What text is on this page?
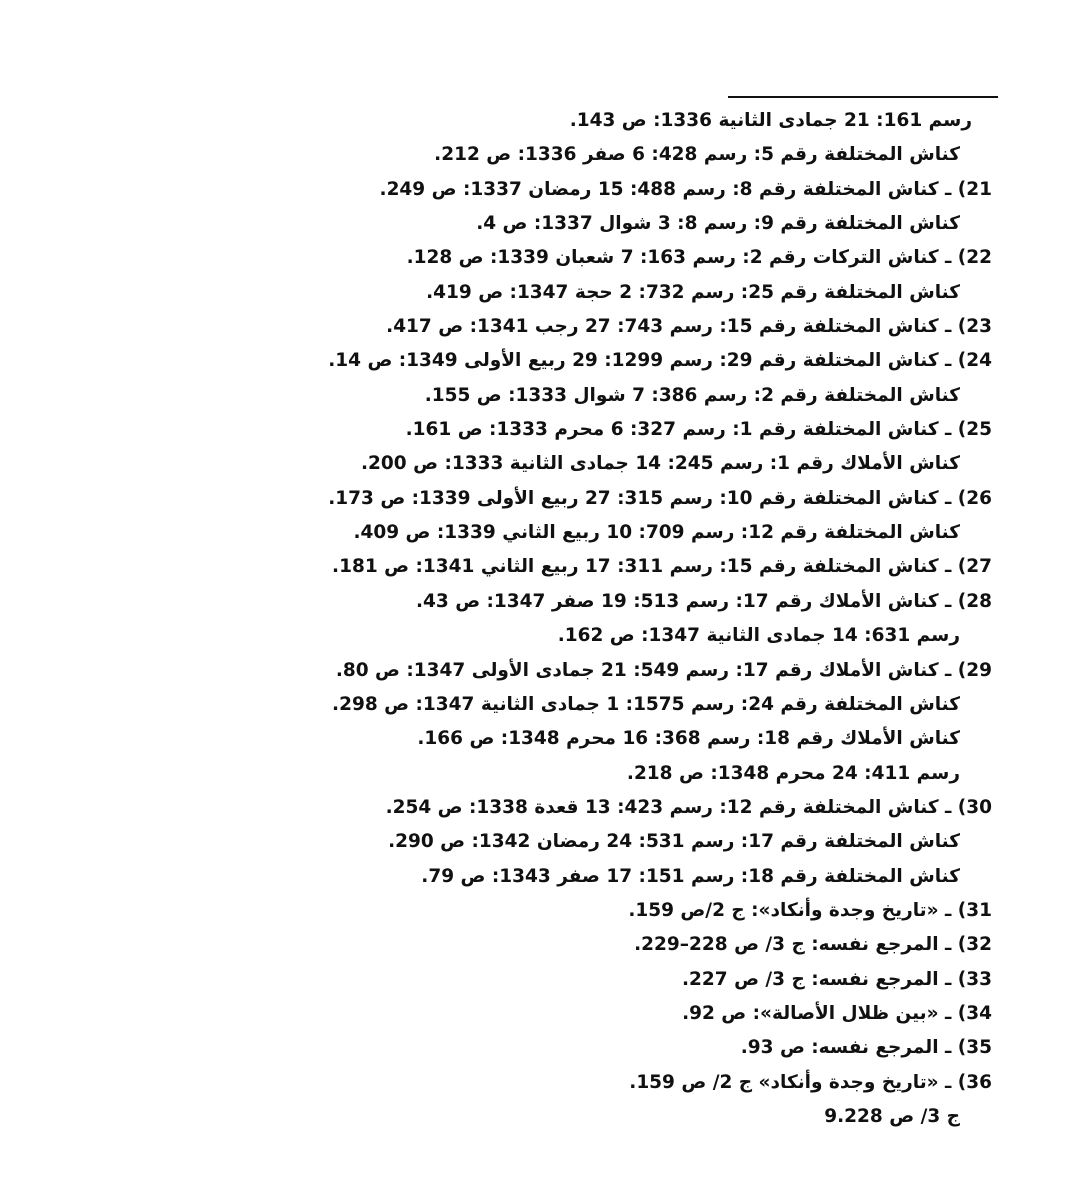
رسم 161: 21 جمادى الثانية 1336: ص 143.
كناش المختلفة رقم 5: رسم 428: 6 صفر 1336: ص 212.
21) ـ كناش المختلفة رقم 8: رسم 488: 15 رمضان 1337: ص 249.
كناش المختلفة رقم 9: رسم 8: 3 شوال 1337: ص 4.
22) ـ كناش التركات رقم 2: رسم 163: 7 شعبان 1339: ص 128.
كناش المختلفة رقم 25: رسم 732: 2 حجة 1347: ص 419.
23) ـ كناش المختلفة رقم 15: رسم 743: 27 رجب 1341: ص 417.
24) ـ كناش المختلفة رقم 29: رسم 1299: 29 ربيع الأولى 1349: ص 14.
كناش المختلفة رقم 2: رسم 386: 7 شوال 1333: ص 155.
25) ـ كناش المختلفة رقم 1: رسم 327: 6 محرم 1333: ص 161.
كناش الأملاك رقم 1: رسم 245: 14 جمادى الثانية 1333: ص 200.
26) ـ كناش المختلفة رقم 10: رسم 315: 27 ربيع الأولى 1339: ص 173.
كناش المختلفة رقم 12: رسم 709: 10 ربيع الثاني 1339: ص 409.
27) ـ كناش المختلفة رقم 15: رسم 311: 17 ربيع الثاني 1341: ص 181.
28) ـ كناش الأملاك رقم 17: رسم 513: 19 صفر 1347: ص 43.
رسم 631: 14 جمادى الثانية 1347: ص 162.
29) ـ كناش الأملاك رقم 17: رسم 549: 21 جمادى الأولى 1347: ص 80.
كناش المختلفة رقم 24: رسم 1575: 1 جمادى الثانية 1347: ص 298.
كناش الأملاك رقم 18: رسم 368: 16 محرم 1348: ص 166.
رسم 411: 24 محرم 1348: ص 218.
30) ـ كناش المختلفة رقم 12: رسم 423: 13 قعدة 1338: ص 254.
كناش المختلفة رقم 17: رسم 531: 24 رمضان 1342: ص 290.
كناش المختلفة رقم 18: رسم 151: 17 صفر 1343: ص 79.
31) ـ «تاريخ وجدة وأنكاد»: ج 2/ص 159.
32) ـ المرجع نفسه: ج 3/ ص 228–229.
33) ـ المرجع نفسه: ج 3/ ص 227.
34) ـ «بين ظلال الأصالة»: ص 92.
35) ـ المرجع نفسه: ص 93.
36) ـ «تاريخ وجدة وأنكاد» ج 2/ ص 159.
ج 3/ ص 9.228
